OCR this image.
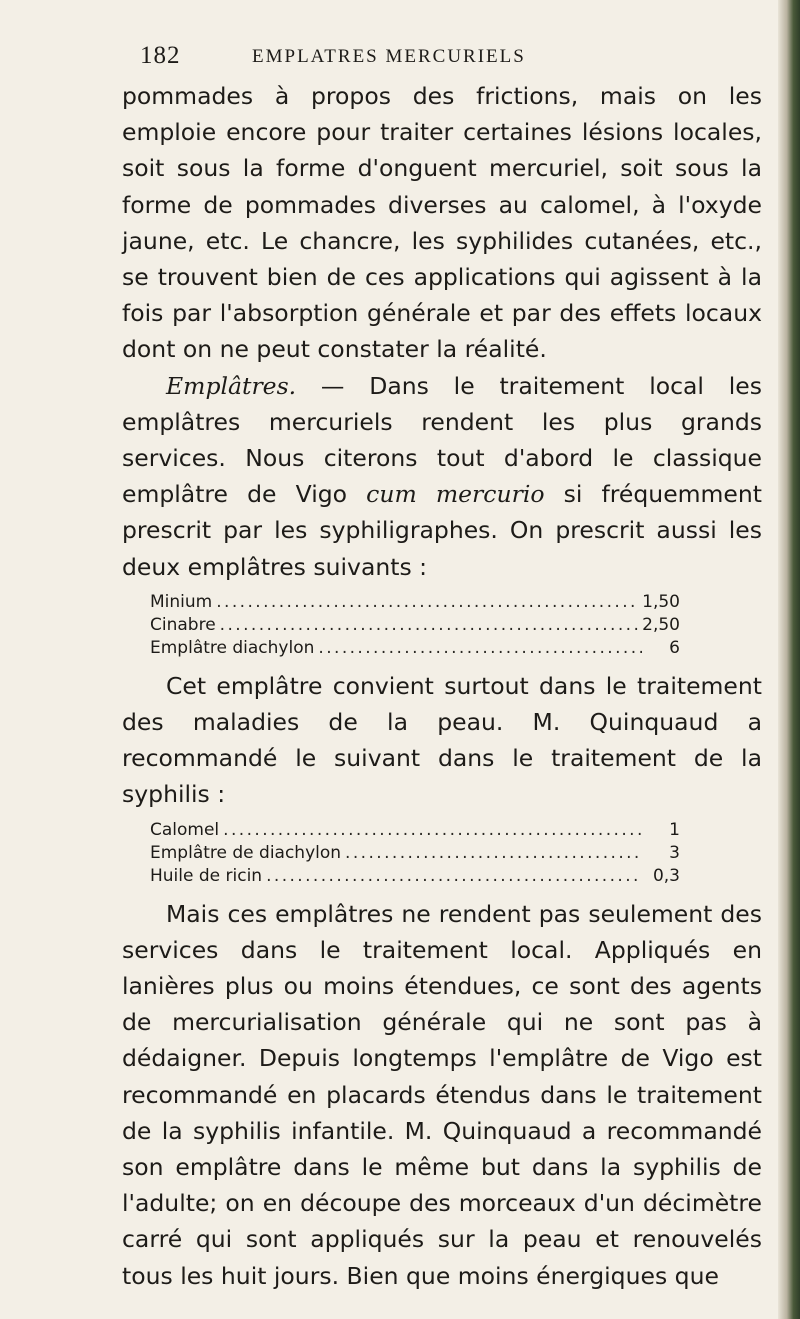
182	EMPLATRES MERCURIELS

pommades à propos des frictions, mais on les emploie encore pour traiter certaines lésions locales, soit sous la forme d'onguent mercuriel, soit sous la forme de pommades diverses au calomel, à l'oxyde jaune, etc. Le chancre, les syphilides cutanées, etc., se trouvent bien de ces applications qui agissent à la fois par l'absorption générale et par des effets locaux dont on ne peut constater la réalité.

Emplâtres. — Dans le traitement local les emplâtres mercuriels rendent les plus grands services. Nous citerons tout d'abord le classique emplâtre de Vigo cum mercurio si fréquemment prescrit par les syphiligraphes. On prescrit aussi les deux emplâtres suivants :

Minium . . .	1,50
Cinabre . . .	2,50
Emplâtre diachylon . . .	6

Cet emplâtre convient surtout dans le traitement des maladies de la peau. M. Quinquaud a recommandé le suivant dans le traitement de la syphilis :

Calomel . . .	1
Emplâtre de diachylon . . .	3
Huile de ricin . . .	0,3

Mais ces emplâtres ne rendent pas seulement des services dans le traitement local. Appliqués en lanières plus ou moins étendues, ce sont des agents de mercurialisation générale qui ne sont pas à dédaigner. Depuis longtemps l'emplâtre de Vigo est recommandé en placards étendus dans le traitement de la syphilis infantile. M. Quinquaud a recommandé son emplâtre dans le même but dans la syphilis de l'adulte; on en découpe des morceaux d'un décimètre carré qui sont appliqués sur la peau et renouvelés tous les huit jours. Bien que moins énergiques que
